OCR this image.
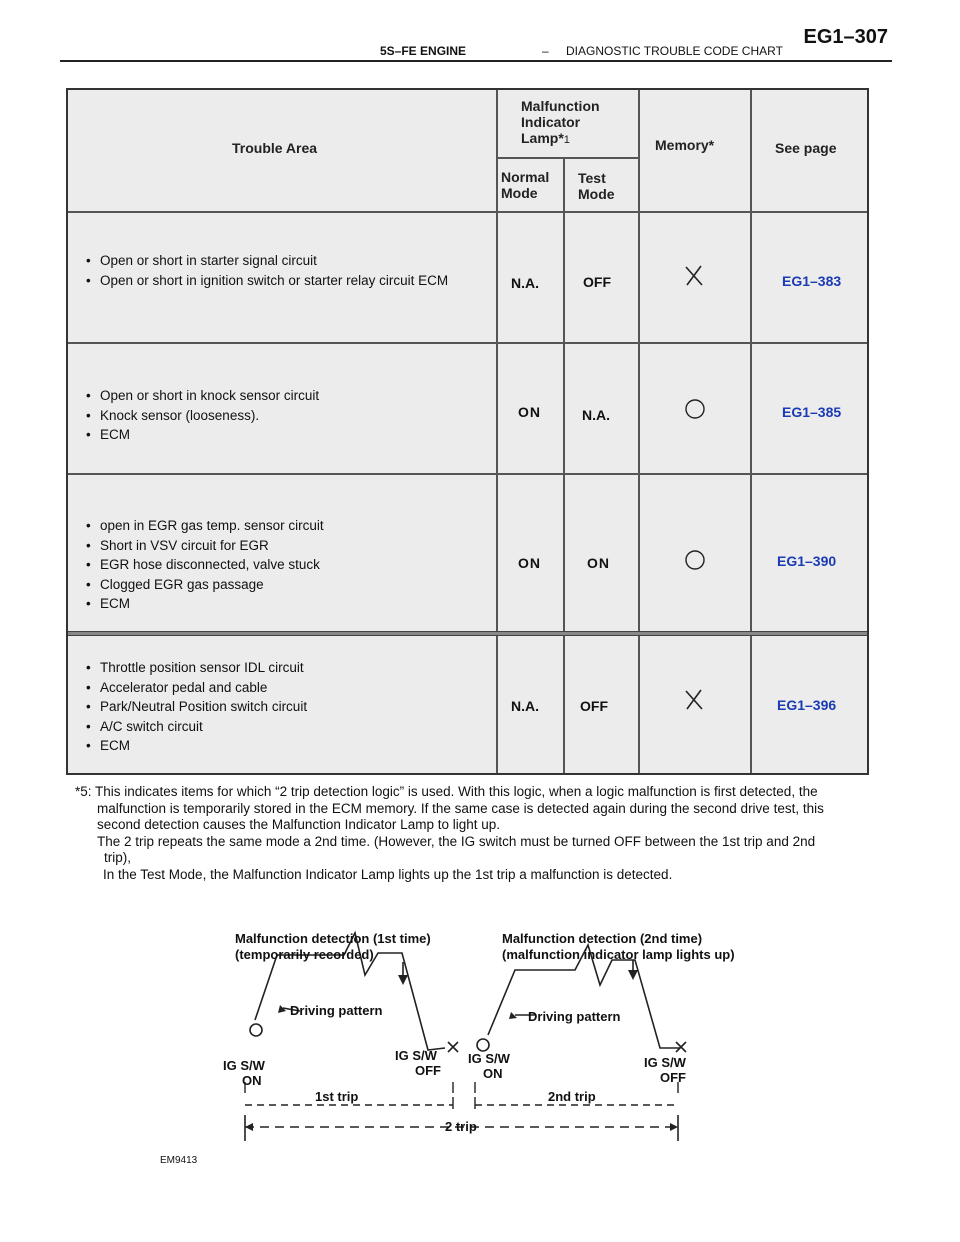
5S–FE ENGINE	– DIAGNOSTIC TROUBLE CODE CHART
EG1–307
Trouble Area
Malfunction
Indicator
Lamp*1
Normal
Mode
Test
Mode
Memory*	See page
• Open or short in starter signal circuit
• Open or short in ignition switch or starter relay circuit ECM	N.A.	OFF	EG1–383
• Open or short in knock sensor circuit
• Knock sensor (looseness).
• ECM
ON	N.A.	EG1–385
• open in EGR gas temp. sensor circuit
• Short in VSV circuit for EGR
• EGR hose disconnected, valve stuck
• Clogged EGR gas passage
• ECM
ON	ON	EG1–390
• Throttle position sensor IDL circuit
• Accelerator pedal and cable
• Park/Neutral Position switch circuit
• A/C switch circuit
• ECM
N.A.	OFF	EG1–396
*5: This indicates items for which “2 trip detection logic” is used. With this logic, when a logic malfunction is first detected, the
malfunction is temporarily stored in the ECM memory. If the same case is detected again during the second drive test, this
second detection causes the Malfunction Indicator Lamp to light up.
The 2 trip repeats the same mode a 2nd time. (However, the IG switch must be turned OFF between the 1st trip and 2nd
trip),
In the Test Mode, the Malfunction Indicator Lamp lights up the 1st trip a malfunction is detected.
Malfunction detection (1st time)
(temporarily recorded)
Malfunction detection (2nd time)
(malfunction indicator lamp lights up)
Driving pattern	Driving pattern
IG S/W
ON
IG S/W
OFF
IG S/W
ON
IG S/W
OFF
1st trip	2nd trip
2 trip
EM9413
